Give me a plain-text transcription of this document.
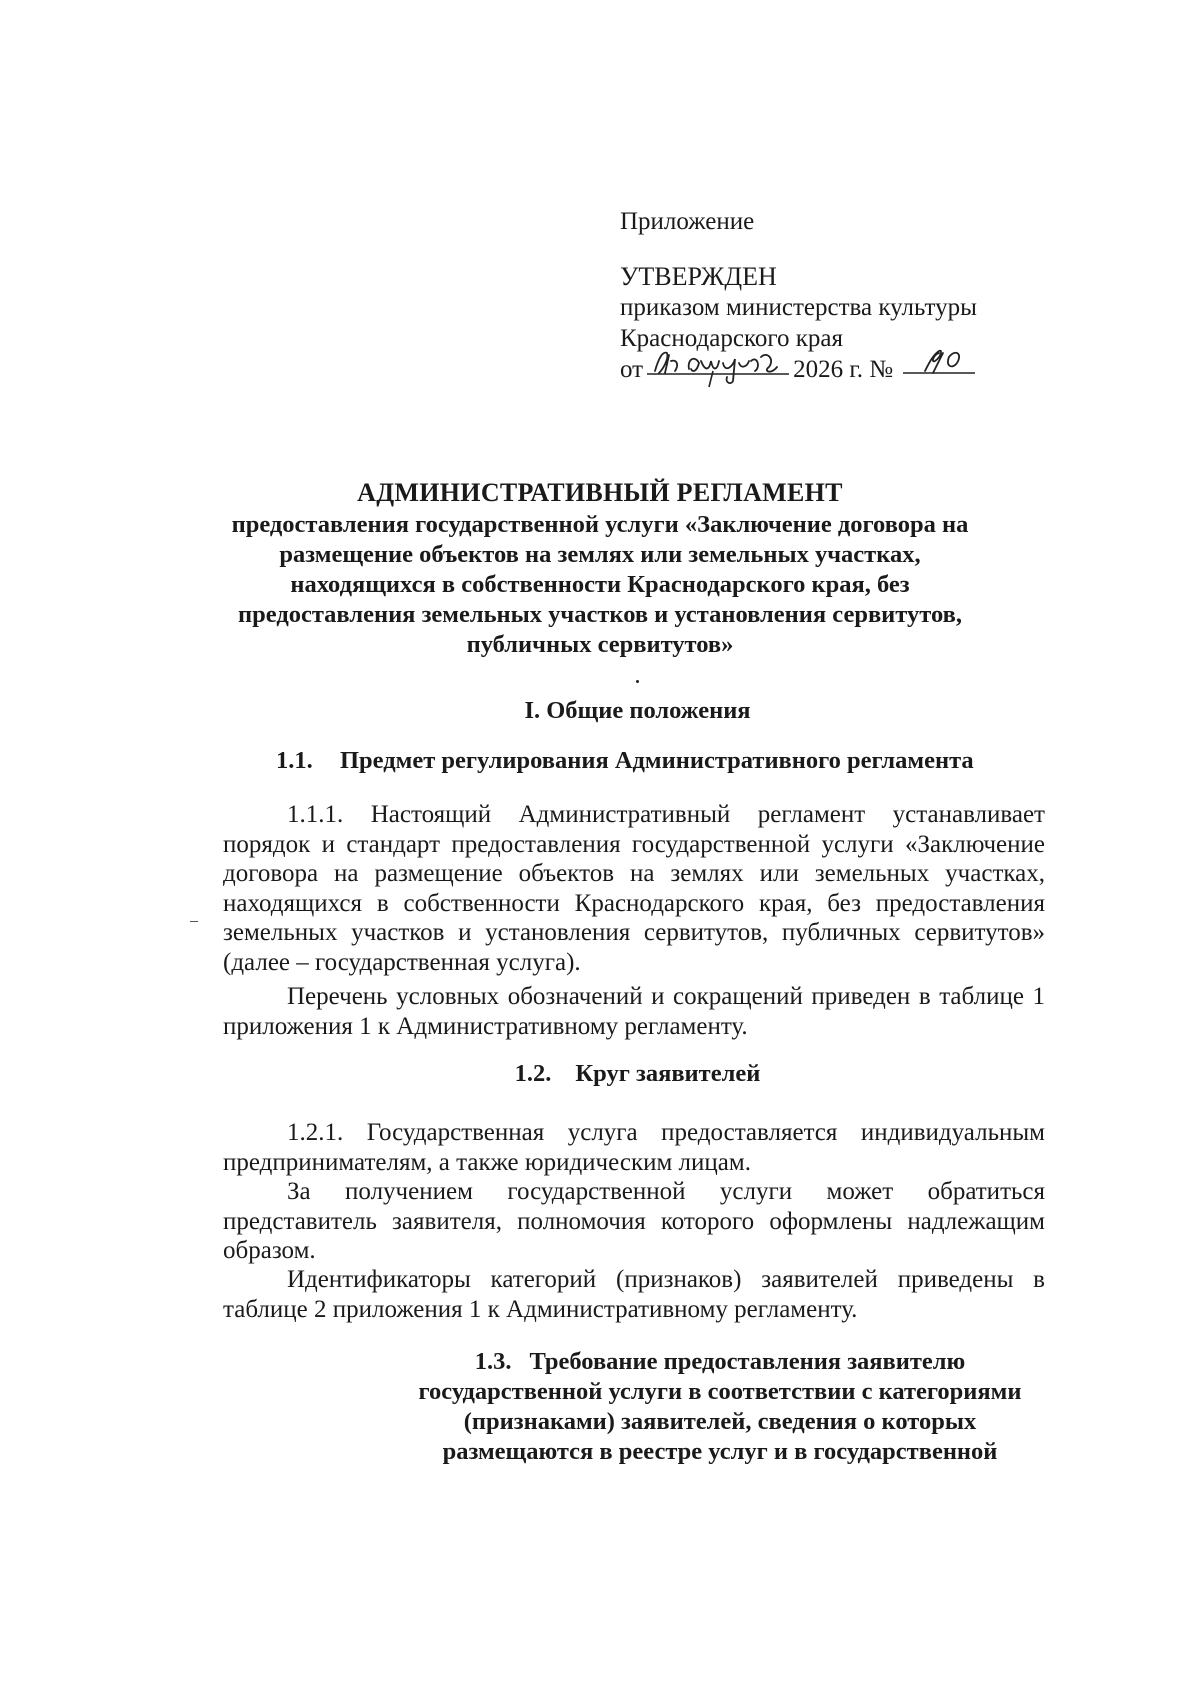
Приложение
УТВЕРЖДЕН
приказом министерства культуры
Краснодарского края
от	2026 г. №
АДМИНИСТРАТИВНЫЙ РЕГЛАМЕНТ
предоставления государственной услуги «Заключение договора на
размещение объектов на землях или земельных участках,
находящихся в собственности Краснодарского края, без
предоставления земельных участков и установления сервитутов,
публичных сервитутов»
I. Общие положения
1.1. Предмет регулирования Административного регламента
1.1.1. Настоящий Административный регламент устанавливает порядок и стандарт предоставления государственной услуги «Заключение договора на размещение объектов на землях или земельных участках, находящихся в собственности Краснодарского края, без предоставления земельных участков и установления сервитутов, публичных сервитутов» (далее – государственная услуга).
Перечень условных обозначений и сокращений приведен в таблице 1 приложения 1 к Административному регламенту.
1.2. Круг заявителей
1.2.1. Государственная услуга предоставляется индивидуальным предпринимателям, а также юридическим лицам.
За получением государственной услуги может обратиться представитель заявителя, полномочия которого оформлены надлежащим образом.
Идентификаторы категорий (признаков) заявителей приведены в таблице 2 приложения 1 к Административному регламенту.
1.3. Требование предоставления заявителю
государственной услуги в соответствии с категориями
(признаками) заявителей, сведения о которых
размещаются в реестре услуг и в государственной
